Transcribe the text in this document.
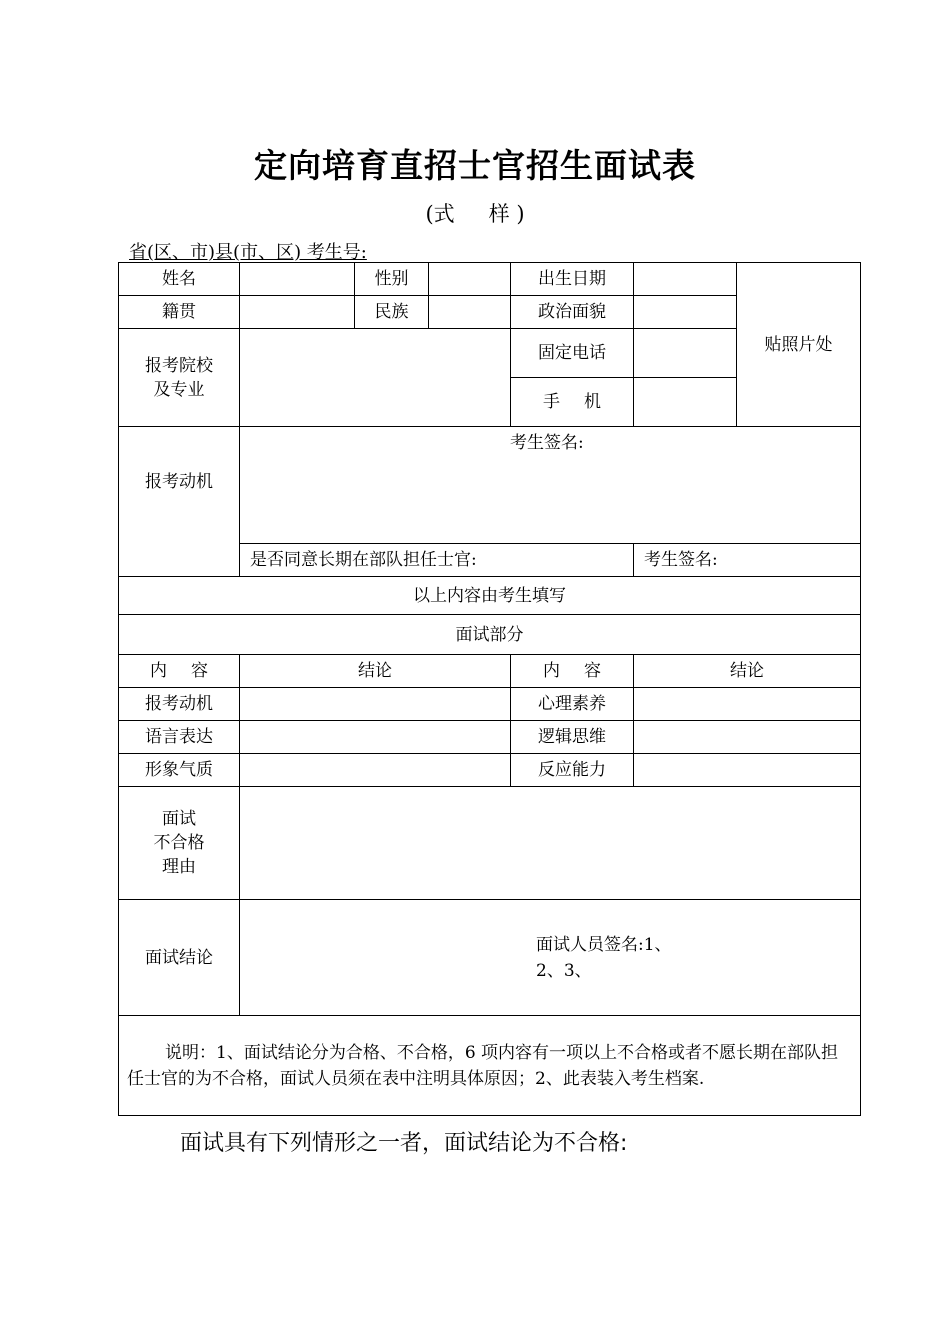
定向培育直招士官招生面试表
(式 样 )
省(区、市)县(市、区) 考生号:
姓名		性别		出生日期		贴照片处
籍贯		民族		政治面貌		

报考院校
及专业				固定电话		
				手 机		
报考动机	考生签名:					

	是否同意长期在部队担任士官:				考生签名:	
以上内容由考生填写						
面试部分						
内 容	结论			内 容	结论	
报考动机				心理素养		
语言表达				逻辑思维		
形象气质				反应能力		

面试
不合格
理由						

面试结论	面试人员签名:1、
2、3、					

说明：1、面试结论分为合格、不合格，6 项内容有一项以上不合格或者不愿长期在部队担任士官的为不合格，面试人员须在表中注明具体原因；2、此表装入考生档案.						
面试具有下列情形之一者，面试结论为不合格:
